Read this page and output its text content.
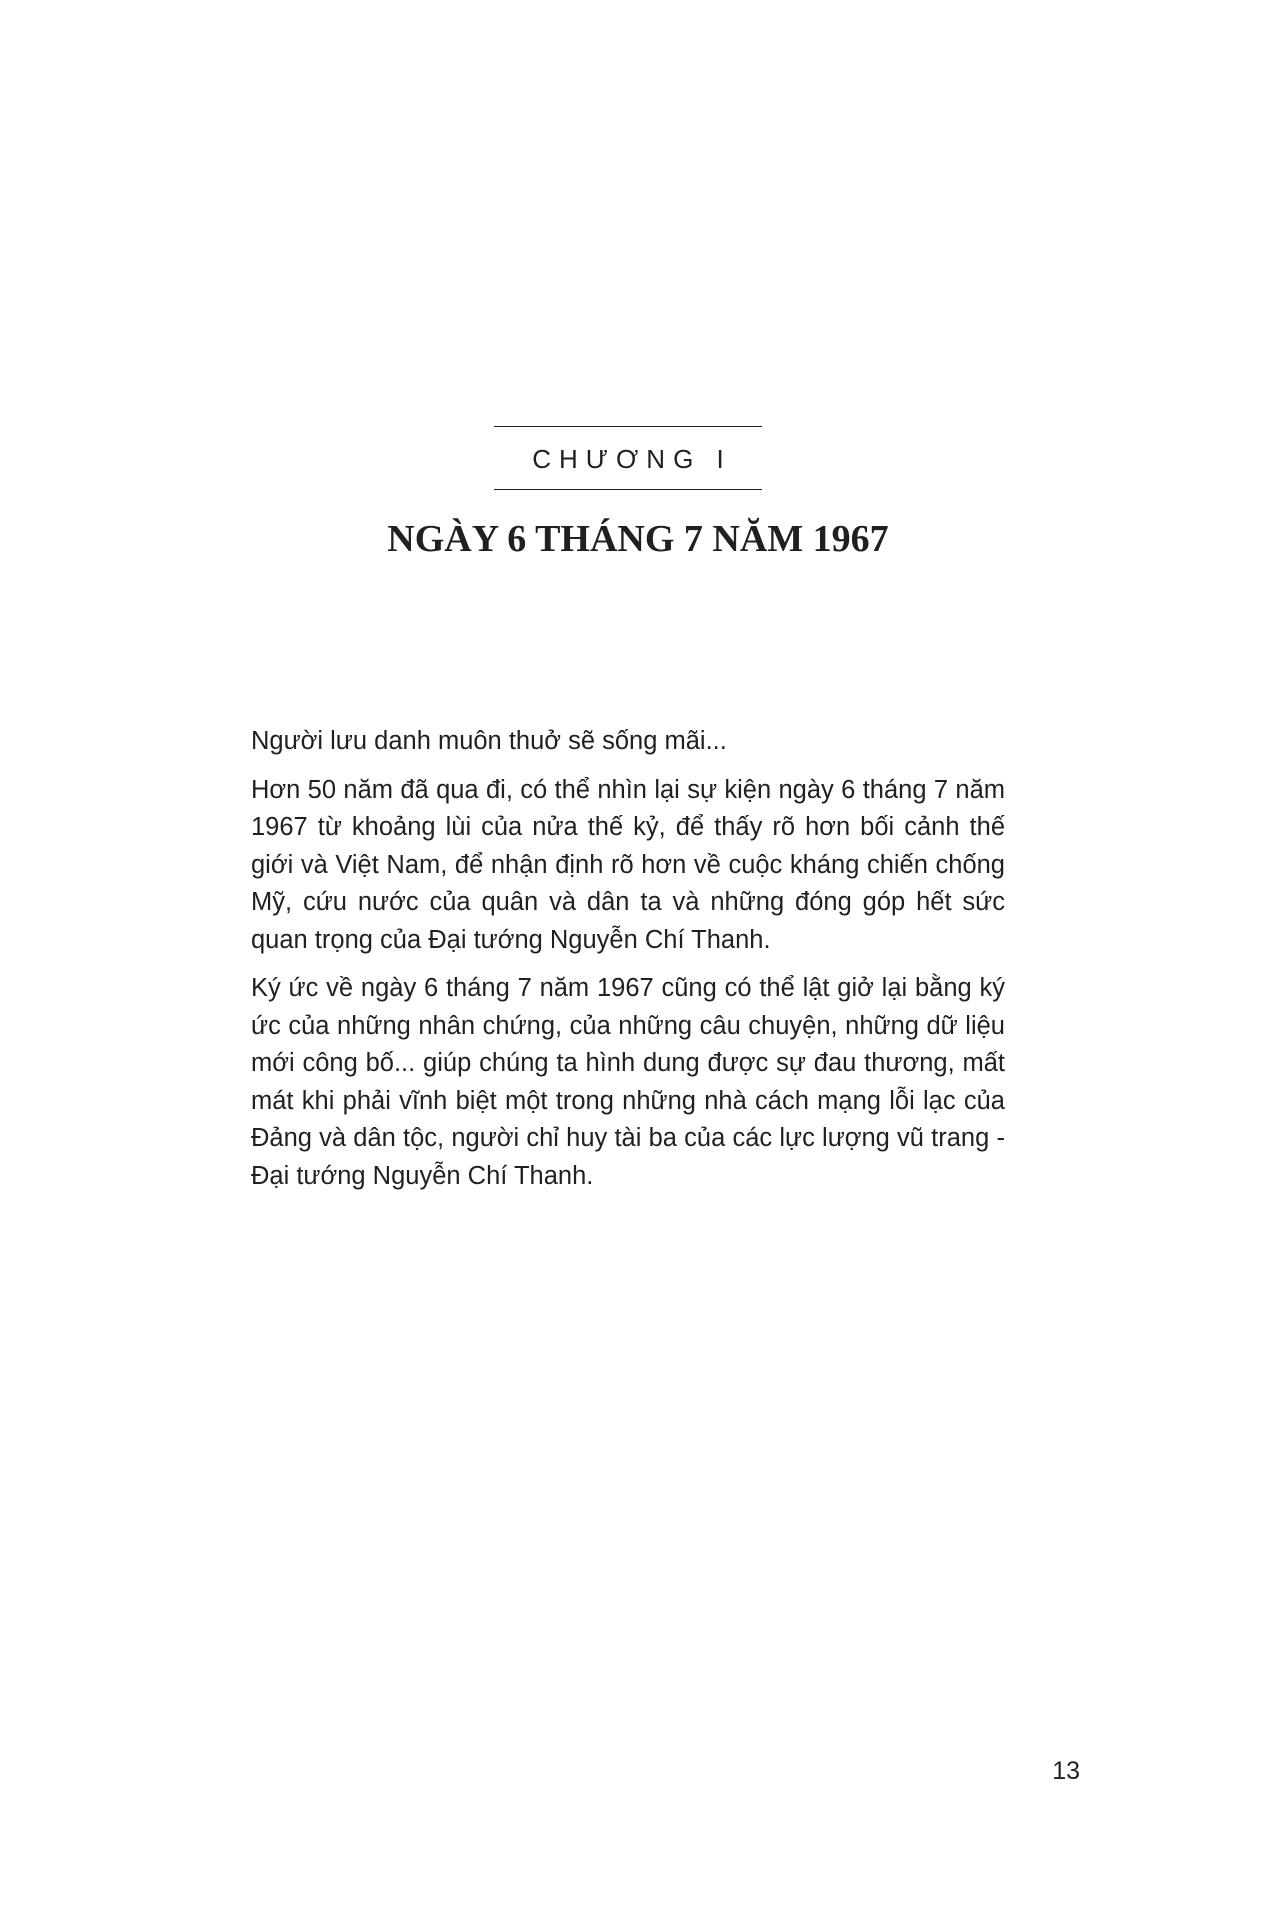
CHƯƠNG I
NGÀY 6 THÁNG 7 NĂM 1967

Người lưu danh muôn thuở sẽ sống mãi...

Hơn 50 năm đã qua đi, có thể nhìn lại sự kiện ngày 6 tháng 7 năm 1967 từ khoảng lùi của nửa thế kỷ, để thấy rõ hơn bối cảnh thế giới và Việt Nam, để nhận định rõ hơn về cuộc kháng chiến chống Mỹ, cứu nước của quân và dân ta và những đóng góp hết sức quan trọng của Đại tướng Nguyễn Chí Thanh.

Ký ức về ngày 6 tháng 7 năm 1967 cũng có thể lật giở lại bằng ký ức của những nhân chứng, của những câu chuyện, những dữ liệu mới công bố... giúp chúng ta hình dung được sự đau thương, mất mát khi phải vĩnh biệt một trong những nhà cách mạng lỗi lạc của Đảng và dân tộc, người chỉ huy tài ba của các lực lượng vũ trang - Đại tướng Nguyễn Chí Thanh.

13
